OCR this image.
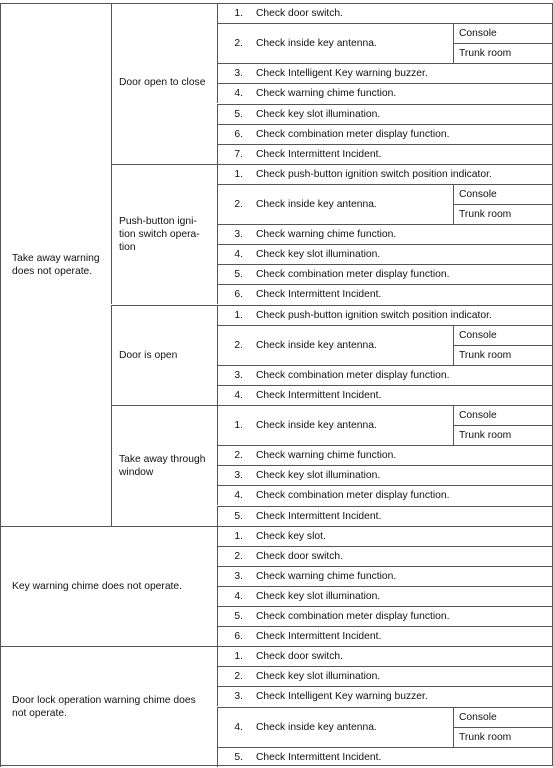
1. Check door switch.
2. Check inside key antenna.
Console
Trunk room
3. Check Intelligent Key warning buzzer.
4. Check warning chime function.
5. Check key slot illumination.
6. Check combination meter display function.
7. Check Intermittent Incident.
Door open to close
1. Check push-button ignition switch position indicator.
2. Check inside key antenna.
Console
Trunk room
3. Check warning chime function.
4. Check key slot illumination.
5. Check combination meter display function.
6. Check Intermittent Incident.
Push-button igni-
tion switch opera-
tion
1. Check push-button ignition switch position indicator.
2. Check inside key antenna.
Console
Trunk room
3. Check combination meter display function.
4. Check Intermittent Incident.
Door is open
1. Check inside key antenna.
Console
Trunk room
2. Check warning chime function.
3. Check key slot illumination.
4. Check combination meter display function.
5. Check Intermittent Incident.
Take away through
window
Take away warning does not operate.
1. Check key slot.
2. Check door switch.
3. Check warning chime function.
4. Check key slot illumination.
5. Check combination meter display function.
6. Check Intermittent Incident.
Key warning chime does not operate.
1. Check door switch.
2. Check key slot illumination.
3. Check Intelligent Key warning buzzer.
4. Check inside key antenna.
Console
Trunk room
5. Check Intermittent Incident.
Door lock operation warning chime does not operate.
